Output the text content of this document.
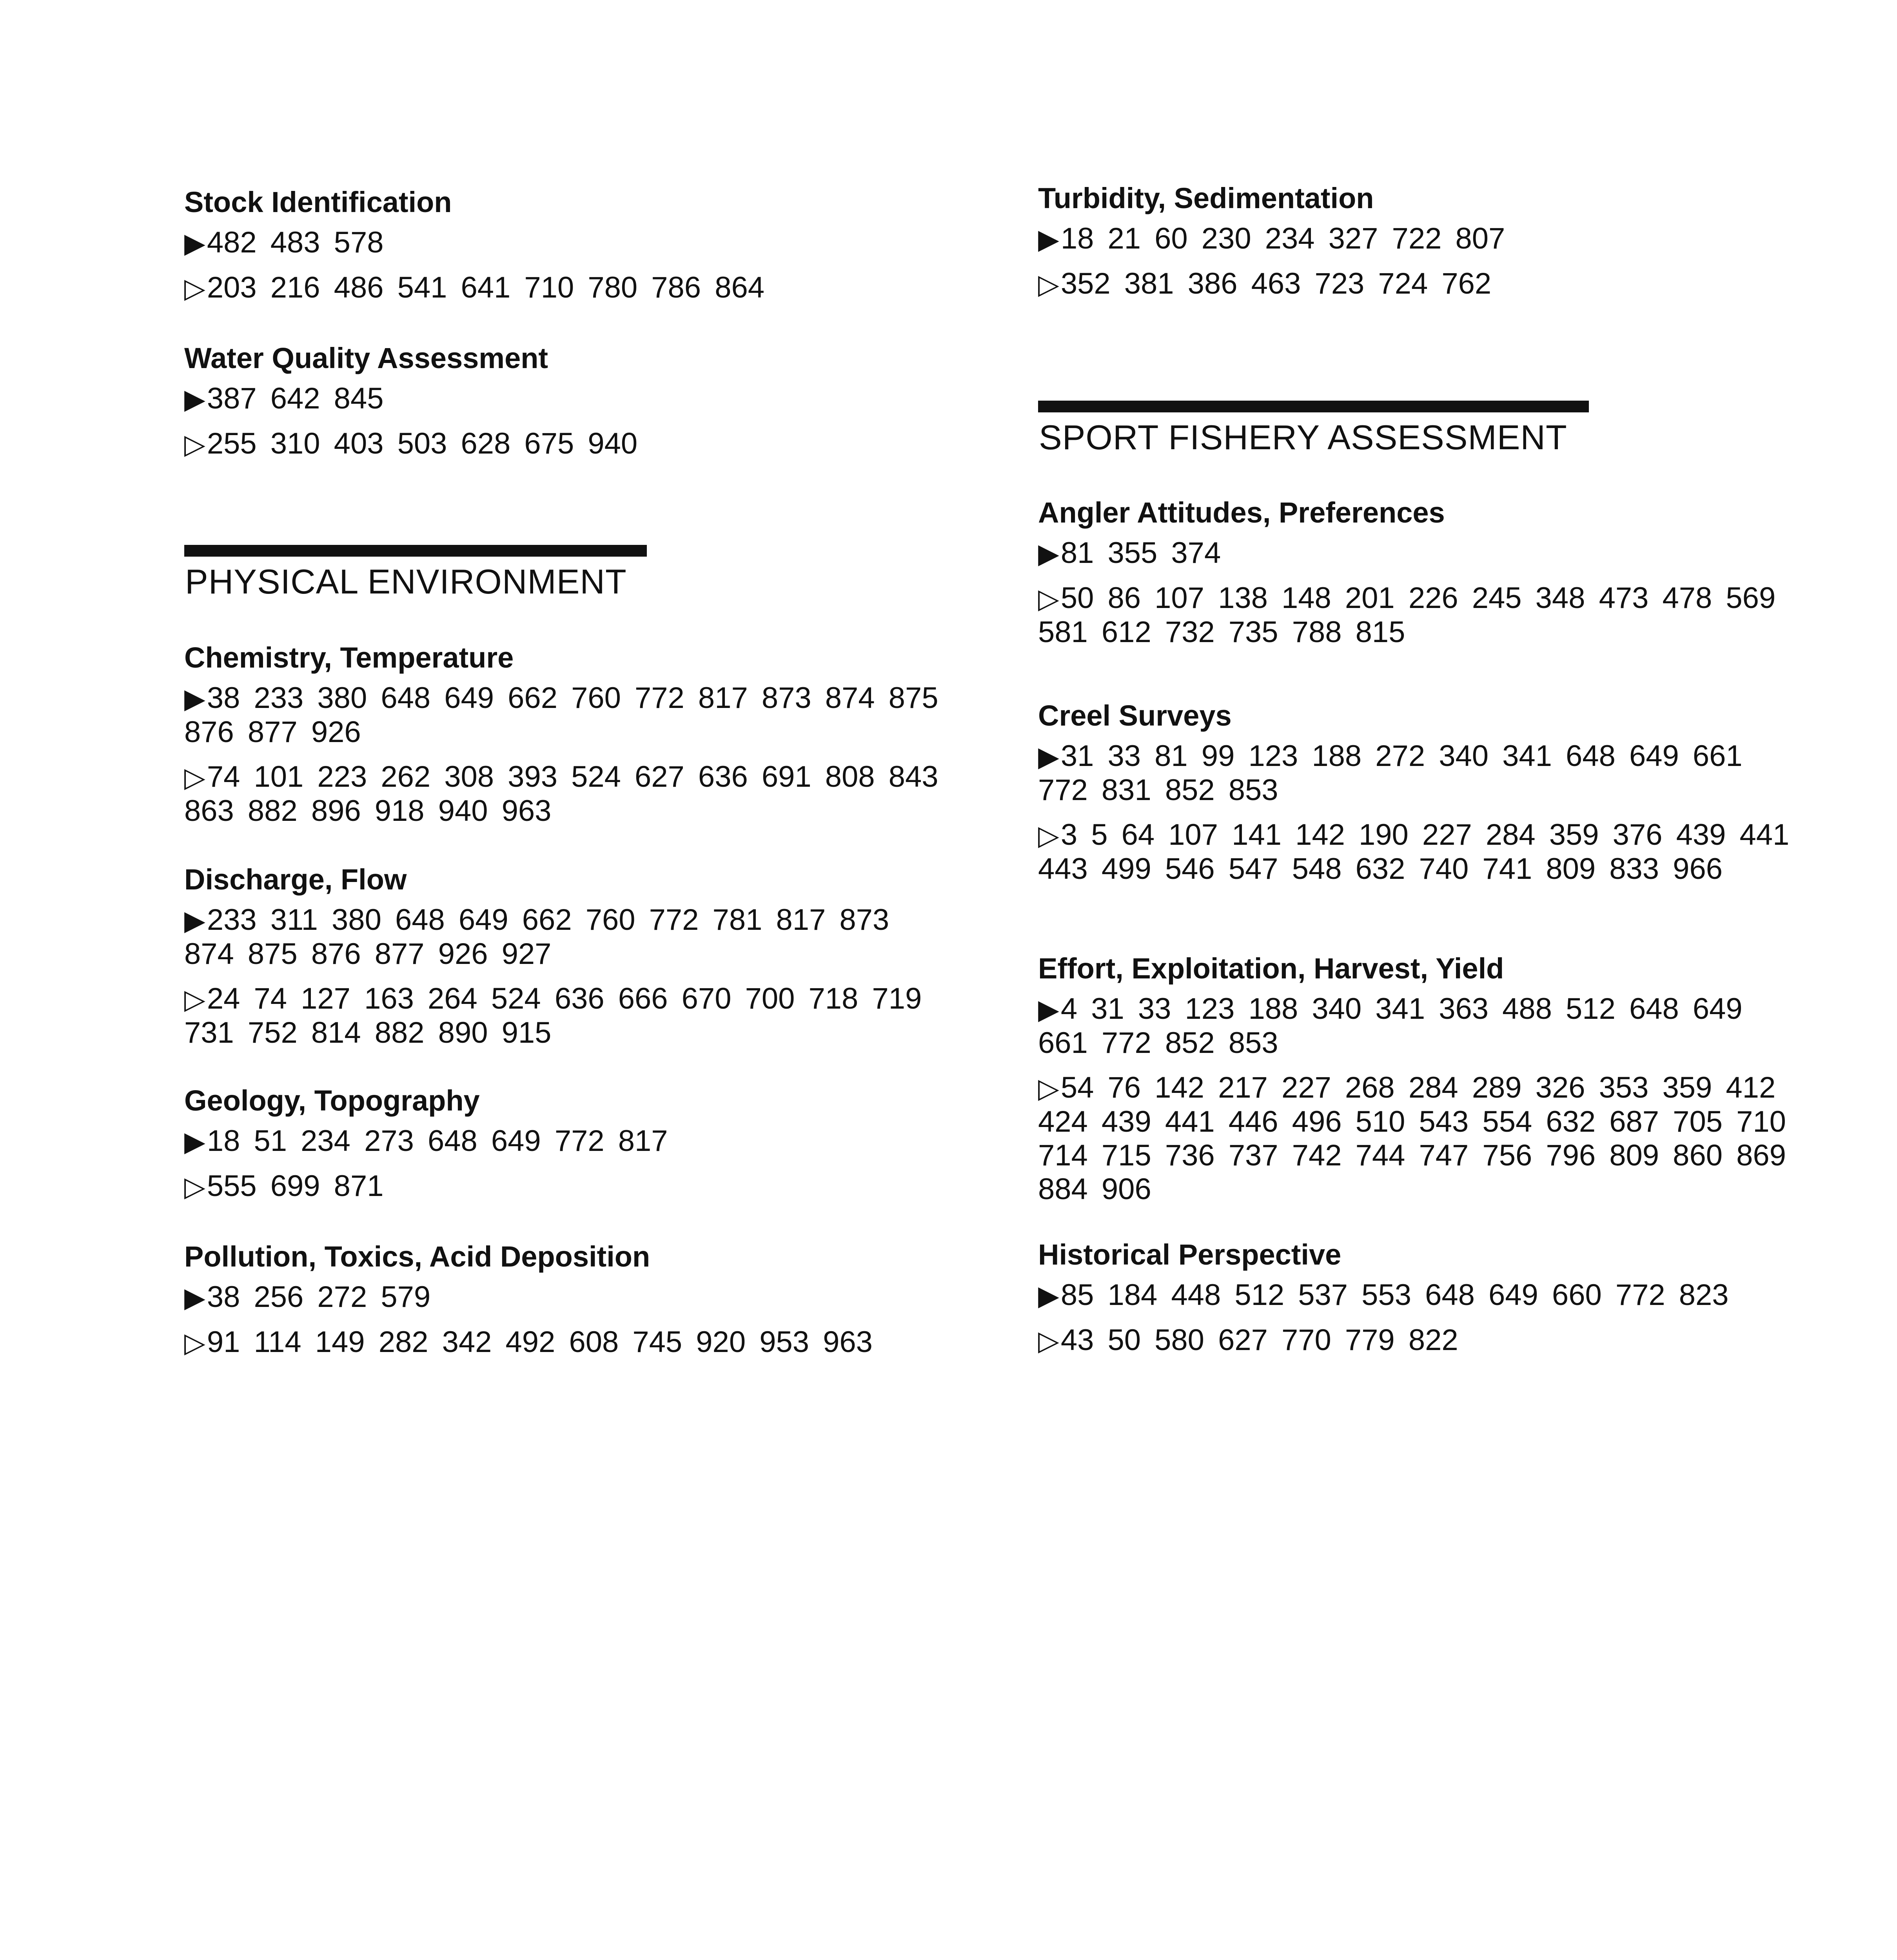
Stock Identification

▶482 483 578

▷203 216 486 541 641 710 780 786 864

Water Quality Assessment

▶387 642 845

▷255 310 403 503 628 675 940

PHYSICAL ENVIRONMENT

Chemistry, Temperature

▶38 233 380 648 649 662 760 772 817 873 874 875 876 877 926

▷74 101 223 262 308 393 524 627 636 691 808 843 863 882 896 918 940 963

Discharge, Flow

▶233 311 380 648 649 662 760 772 781 817 873 874 875 876 877 926 927

▷24 74 127 163 264 524 636 666 670 700 718 719 731 752 814 882 890 915

Geology, Topography

▶18 51 234 273 648 649 772 817

▷555 699 871

Pollution, Toxics, Acid Deposition

▶38 256 272 579

▷91 114 149 282 342 492 608 745 920 953 963

Turbidity, Sedimentation

▶18 21 60 230 234 327 722 807

▷352 381 386 463 723 724 762

SPORT FISHERY ASSESSMENT

Angler Attitudes, Preferences

▶81 355 374

▷50 86 107 138 148 201 226 245 348 473 478 569 581 612 732 735 788 815

Creel Surveys

▶31 33 81 99 123 188 272 340 341 648 649 661 772 831 852 853

▷3 5 64 107 141 142 190 227 284 359 376 439 441 443 499 546 547 548 632 740 741 809 833 966

Effort, Exploitation, Harvest, Yield

▶4 31 33 123 188 340 341 363 488 512 648 649 661 772 852 853

▷54 76 142 217 227 268 284 289 326 353 359 412 424 439 441 446 496 510 543 554 632 687 705 710 714 715 736 737 742 744 747 756 796 809 860 869 884 906

Historical Perspective

▶85 184 448 512 537 553 648 649 660 772 823

▷43 50 580 627 770 779 822
